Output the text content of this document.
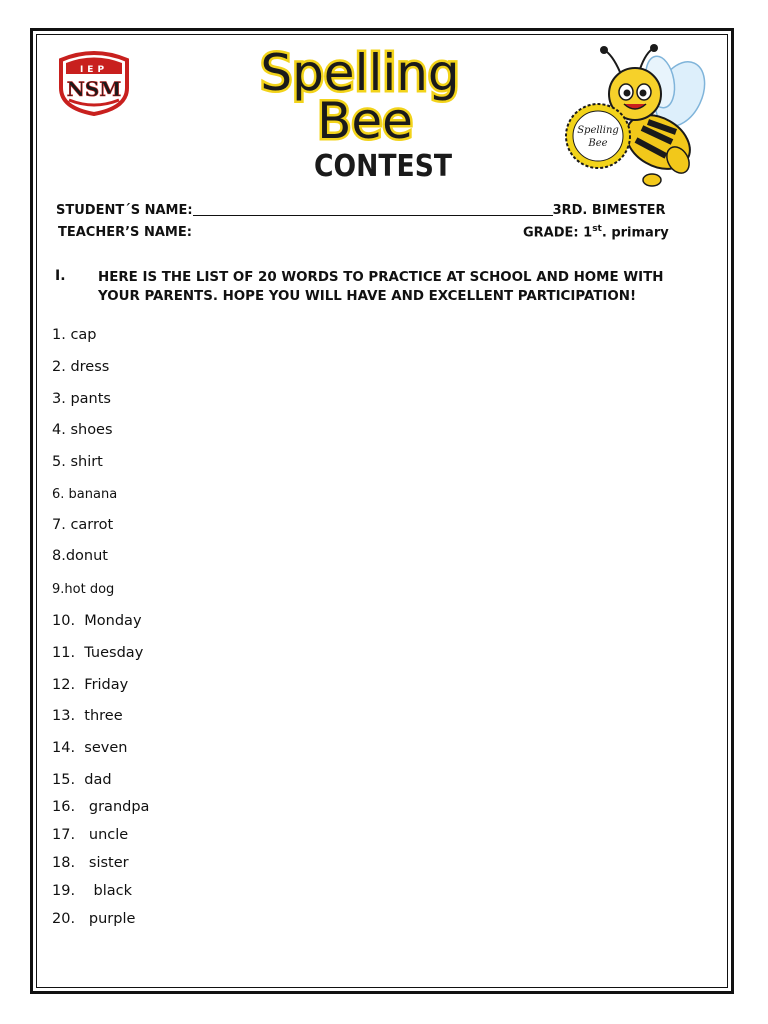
IEP
NSM	Spelling
Bee
CONTEST
Spelling
Bee
STUDENT´S NAME:	3RD. BIMESTER
TEACHER’S NAME:	GRADE: 1st. primary
I. HERE IS THE LIST OF 20 WORDS TO PRACTICE AT SCHOOL AND HOME WITH YOUR PARENTS. HOPE YOU WILL HAVE AND EXCELLENT PARTICIPATION!
1. cap
2. dress
3. pants
4. shoes
5. shirt
6. banana
7. carrot
8.donut
9.hot dog
10.  Monday
11.  Tuesday
12.  Friday
13.  three
14.  seven
15.  dad
16.   grandpa
17.   uncle
18.   sister
19.    black
20.   purple
